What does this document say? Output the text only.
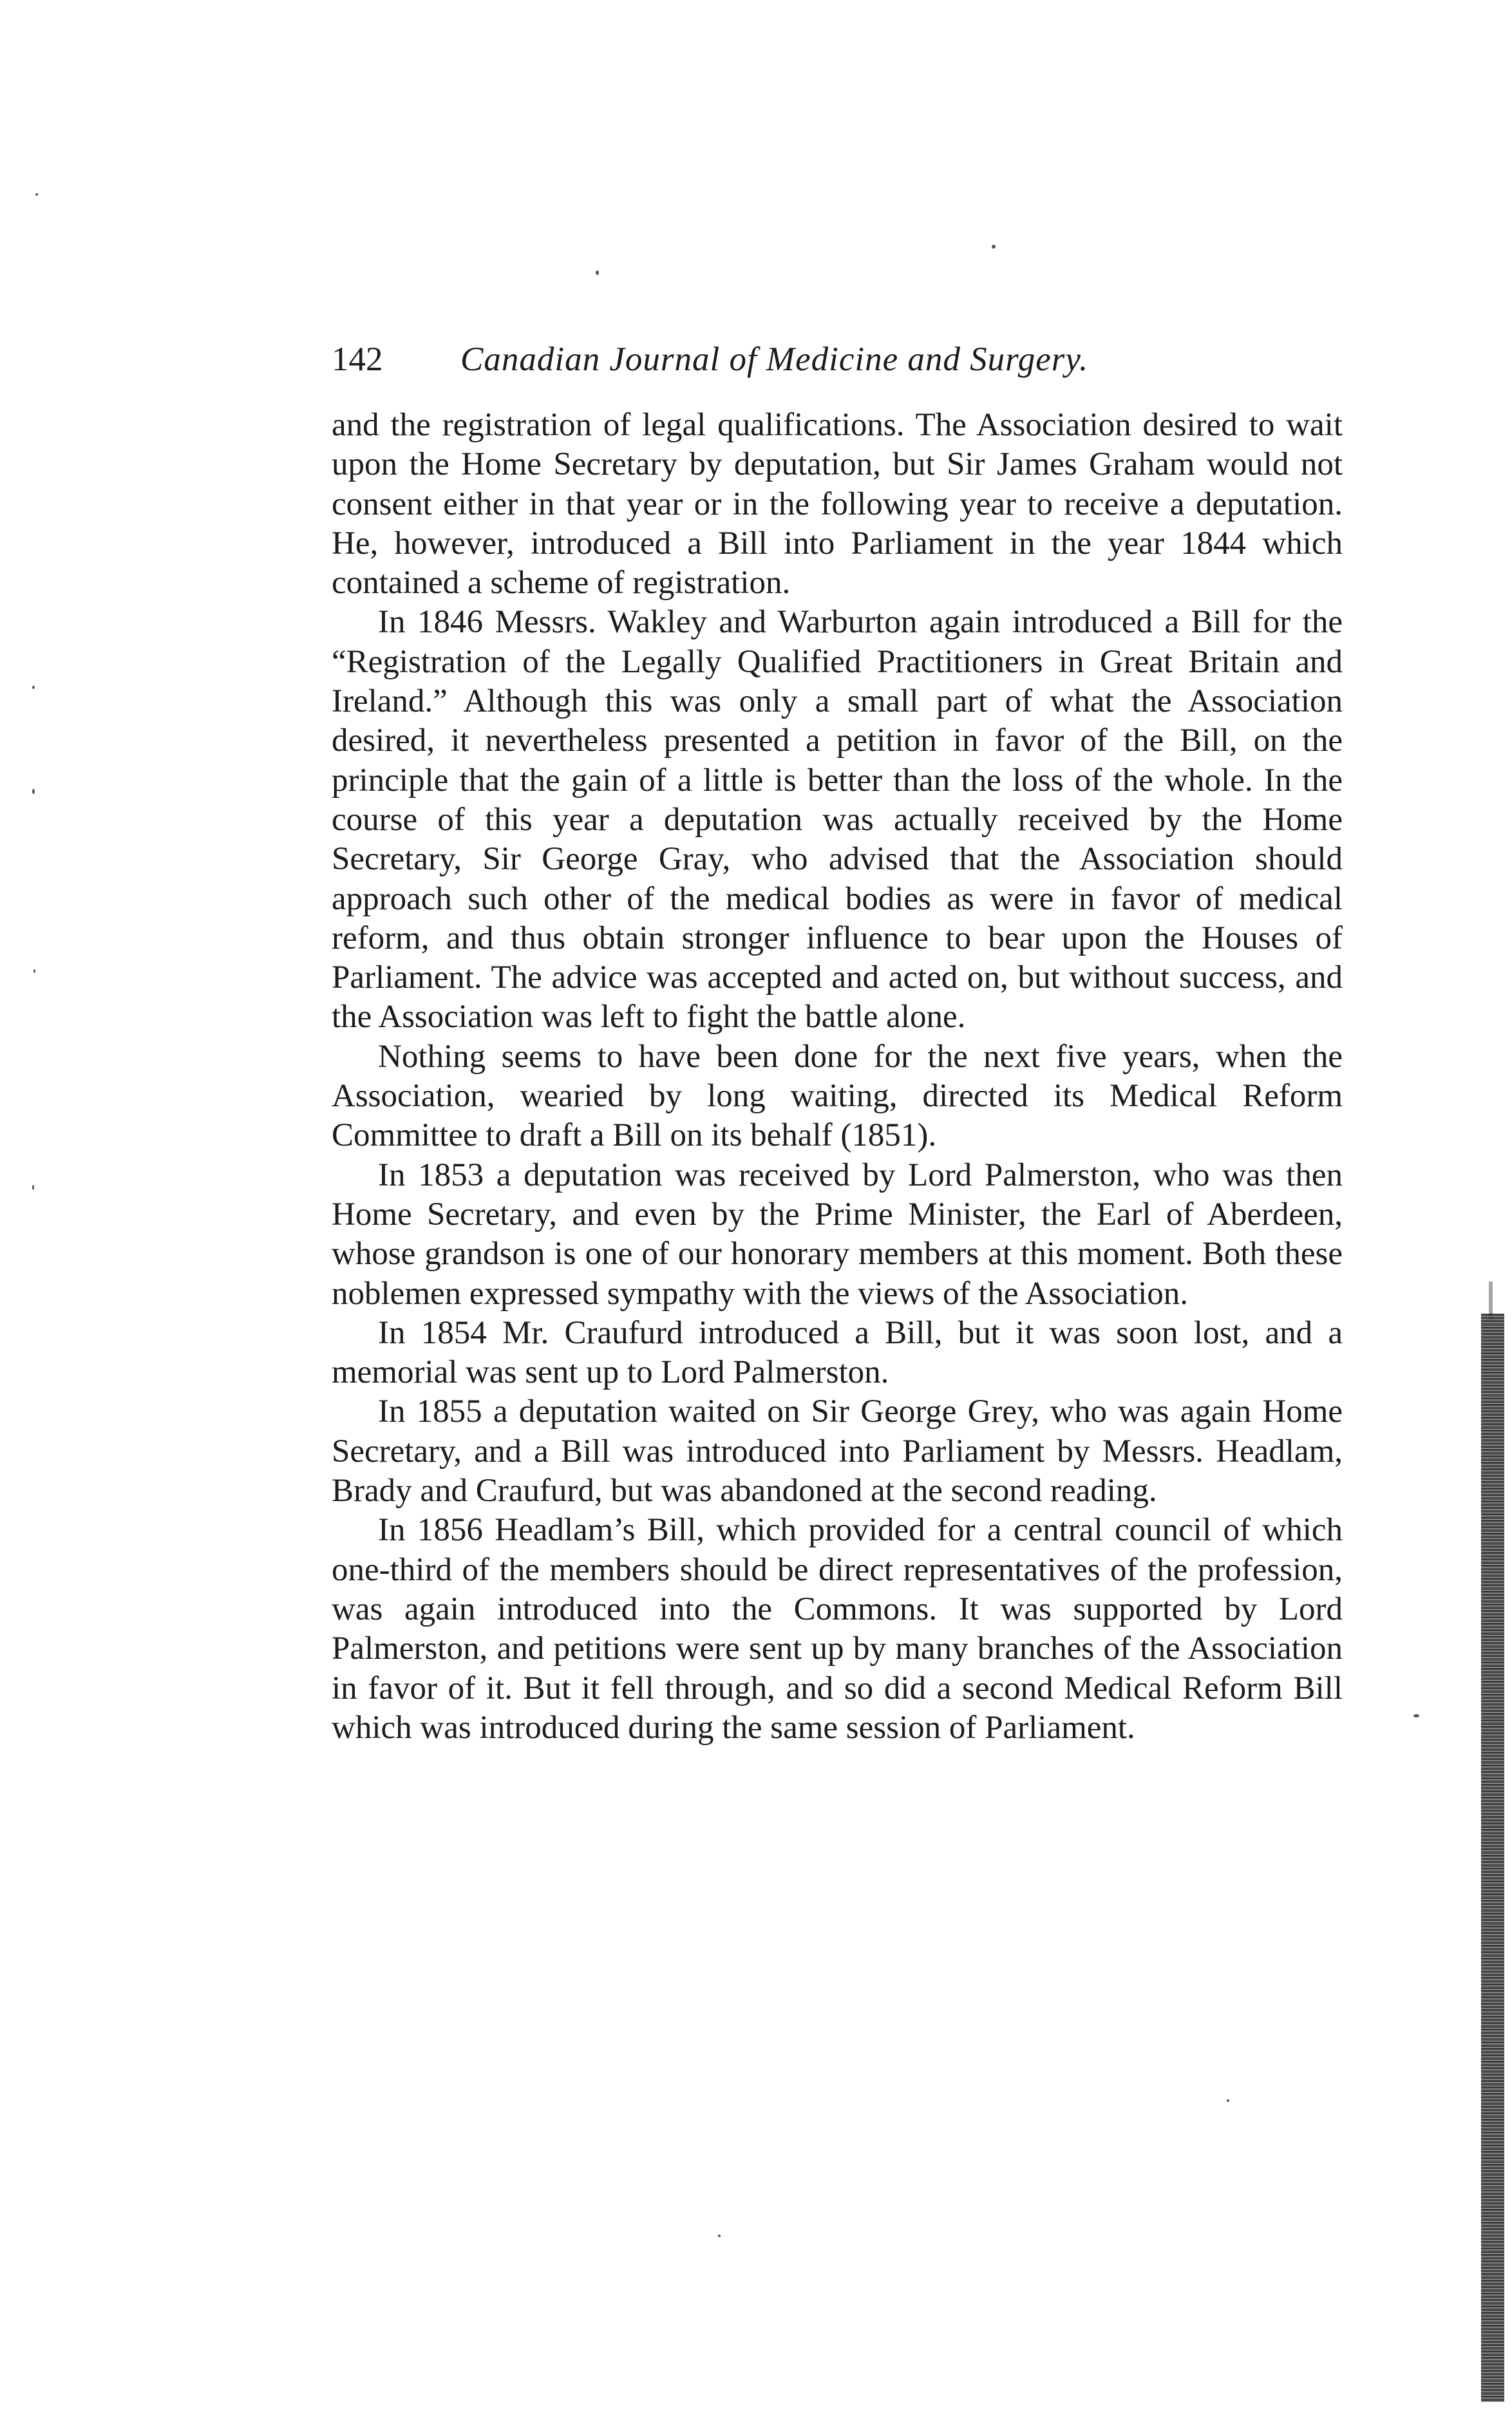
142 Canadian Journal of Medicine and Surgery.

and the registration of legal qualifications. The Association desired to wait upon the Home Secretary by deputation, but Sir James Graham would not consent either in that year or in the following year to receive a deputation. He, however, introduced a Bill into Parliament in the year 1844 which contained a scheme of registration.

In 1846 Messrs. Wakley and Warburton again introduced a Bill for the “Registration of the Legally Qualified Practitioners in Great Britain and Ireland.” Although this was only a small part of what the Association desired, it nevertheless presented a petition in favor of the Bill, on the principle that the gain of a little is better than the loss of the whole. In the course of this year a deputation was actually received by the Home Secretary, Sir George Gray, who advised that the Association should approach such other of the medical bodies as were in favor of medical reform, and thus obtain stronger influence to bear upon the Houses of Parliament. The advice was accepted and acted on, but without success, and the Association was left to fight the battle alone.

Nothing seems to have been done for the next five years, when the Association, wearied by long waiting, directed its Medical Reform Committee to draft a Bill on its behalf (1851).

In 1853 a deputation was received by Lord Palmerston, who was then Home Secretary, and even by the Prime Minister, the Earl of Aberdeen, whose grandson is one of our honorary members at this moment. Both these noblemen expressed sympathy with the views of the Association.

In 1854 Mr. Craufurd introduced a Bill, but it was soon lost, and a memorial was sent up to Lord Palmerston.

In 1855 a deputation waited on Sir George Grey, who was again Home Secretary, and a Bill was introduced into Parliament by Messrs. Headlam, Brady and Craufurd, but was abandoned at the second reading.

In 1856 Headlam’s Bill, which provided for a central council of which one-third of the members should be direct representatives of the profession, was again introduced into the Commons. It was supported by Lord Palmerston, and petitions were sent up by many branches of the Association in favor of it. But it fell through, and so did a second Medical Reform Bill which was introduced during the same session of Parliament.
